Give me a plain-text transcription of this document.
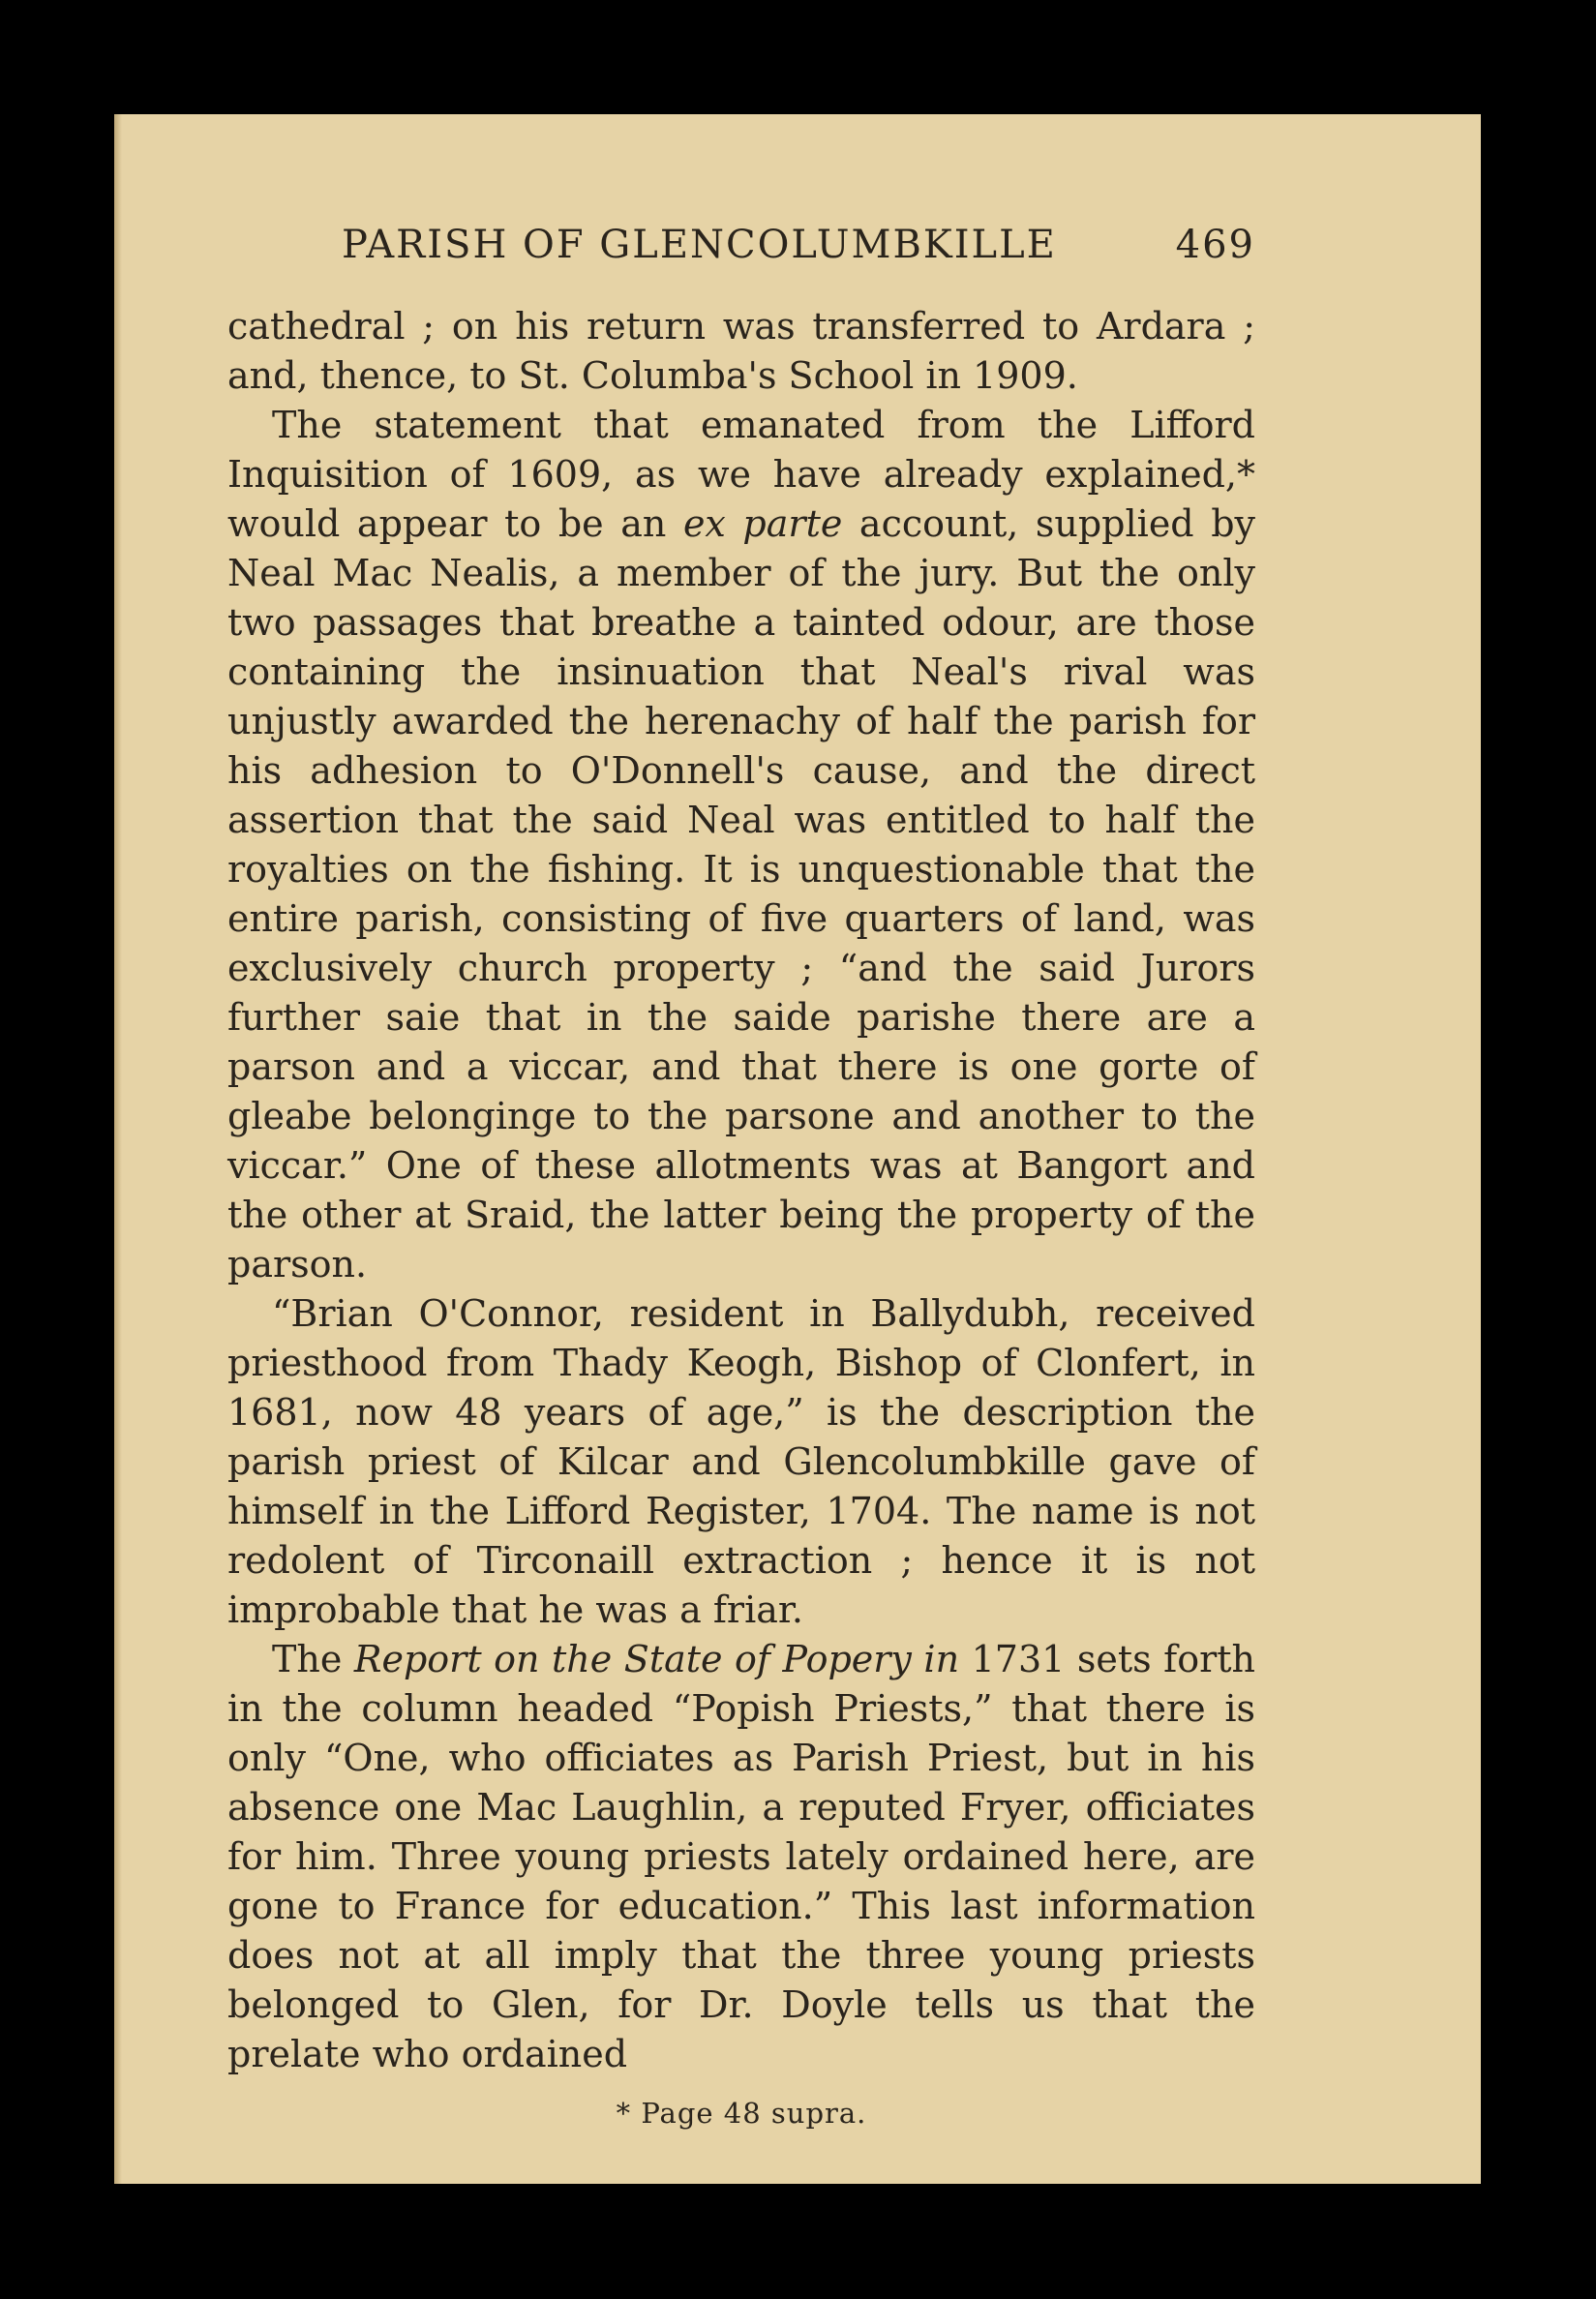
PARISH OF GLENCOLUMBKILLE	469

cathedral ; on his return was transferred to Ardara ; and, thence, to St. Columba's School in 1909.

The statement that emanated from the Lifford Inquisition of 1609, as we have already explained,* would appear to be an ex parte account, supplied by Neal Mac Nealis, a member of the jury. But the only two passages that breathe a tainted odour, are those containing the insinuation that Neal's rival was unjustly awarded the herenachy of half the parish for his adhesion to O'Donnell's cause, and the direct assertion that the said Neal was entitled to half the royalties on the fishing. It is unquestionable that the entire parish, consisting of five quarters of land, was exclusively church property ; “and the said Jurors further saie that in the saide parishe there are a parson and a viccar, and that there is one gorte of gleabe belonginge to the parsone and another to the viccar.” One of these allotments was at Bangort and the other at Sraid, the latter being the property of the parson.

“Brian O'Connor, resident in Ballydubh, received priesthood from Thady Keogh, Bishop of Clonfert, in 1681, now 48 years of age,” is the description the parish priest of Kilcar and Glencolumbkille gave of himself in the Lifford Register, 1704. The name is not redolent of Tirconaill extraction ; hence it is not improbable that he was a friar.

The Report on the State of Popery in 1731 sets forth in the column headed “Popish Priests,” that there is only “One, who officiates as Parish Priest, but in his absence one Mac Laughlin, a reputed Fryer, officiates for him. Three young priests lately ordained here, are gone to France for education.” This last information does not at all imply that the three young priests belonged to Glen, for Dr. Doyle tells us that the prelate who ordained

* Page 48 supra.
